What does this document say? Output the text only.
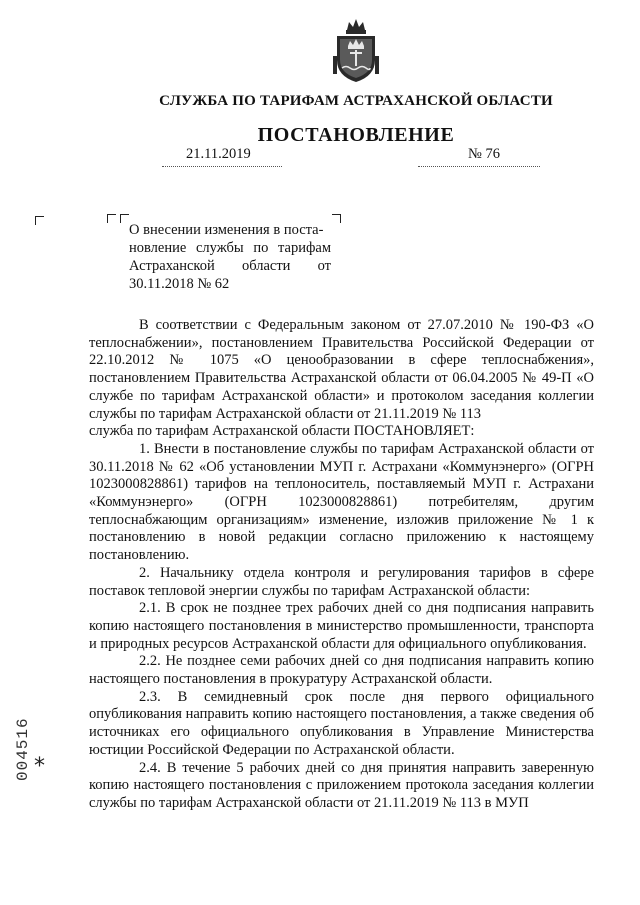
СЛУЖБА ПО ТАРИФАМ АСТРАХАНСКОЙ ОБЛАСТИ
ПОСТАНОВЛЕНИЕ
21.11.2019	№ 76
О внесении изменения в поста-
новление службы по тарифам
Астраханской области от
30.11.2018 № 62

В соответствии с Федеральным законом от 27.07.2010 № 190-ФЗ «О теплоснабжении», постановлением Правительства Российской Федерации от 22.10.2012 № 1075 «О ценообразовании в сфере теплоснабжения», постановлением Правительства Астраханской области от 06.04.2005 № 49-П «О службе по тарифам Астраханской области» и протоколом заседания коллегии службы по тарифам Астраханской области от 21.11.2019 № 113

служба по тарифам Астраханской области ПОСТАНОВЛЯЕТ:

1. Внести в постановление службы по тарифам Астраханской области от 30.11.2018 № 62 «Об установлении МУП г. Астрахани «Коммунэнерго» (ОГРН 1023000828861) тарифов на теплоноситель, поставляемый МУП г. Астрахани «Коммунэнерго» (ОГРН 1023000828861) потребителям, другим теплоснабжающим организациям» изменение, изложив приложение № 1 к постановлению в новой редакции согласно приложению к настоящему постановлению.

2. Начальнику отдела контроля и регулирования тарифов в сфере поставок тепловой энергии службы по тарифам Астраханской области:

2.1. В срок не позднее трех рабочих дней со дня подписания направить копию настоящего постановления в министерство промышленности, транспорта и природных ресурсов Астраханской области для официального опубликования.

2.2. Не позднее семи рабочих дней со дня подписания направить копию настоящего постановления в прокуратуру Астраханской области.

2.3. В семидневный срок после дня первого официального опубликования направить копию настоящего постановления, а также сведения об источниках его официального опубликования в Управление Министерства юстиции Российской Федерации по Астраханской области.

2.4. В течение 5 рабочих дней со дня принятия направить заверенную копию настоящего постановления с приложением протокола заседания коллегии службы по тарифам Астраханской области от 21.11.2019 № 113 в МУП

*
004516
